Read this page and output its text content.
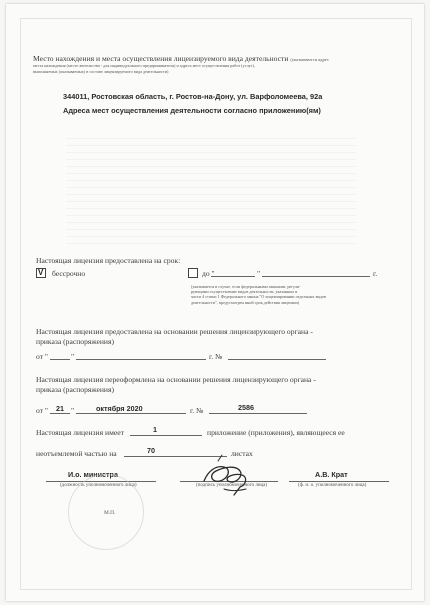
Место нахождения и места осуществления лицензируемого вида деятельности (указываются адрес
места нахождения (место жительства - для индивидуального предпринимателя) и адреса мест осуществления работ (услуг),
выполняемых (оказываемых) в составе лицензируемого вида деятельности)
344011, Ростовская область, г. Ростов-на-Дону, ул. Варфоломеева, 92а
Адреса мест осуществления деятельности согласно приложению(ям)
Настоящая лицензия предоставлена на срок:
V бессрочно	до "	"	г.
(указывается в случае, если федеральными законами, регули-
рующими осуществление видов деятельности, указанных в
части 4 статьи 1 Федерального закона "О лицензировании отдельных видов
деятельности", предусмотрен иной срок действия лицензии)
Настоящая лицензия предоставлена на основании решения лицензирующего органа -
приказа (распоряжения)
от "	"	г. №
Настоящая лицензия переоформлена на основании решения лицензирующего органа -
приказа (распоряжения)
от " 21 "	октября 2020	г. №	2586
Настоящая лицензия имеет	1	приложение (приложения), являющееся ее
неотъемлемой частью на	70	листах
И.о. министра
(должность уполномоченного лица)	(подпись уполномоченного лица)
А.В. Крат
(ф. и. о. уполномоченного лица)
М.П.
